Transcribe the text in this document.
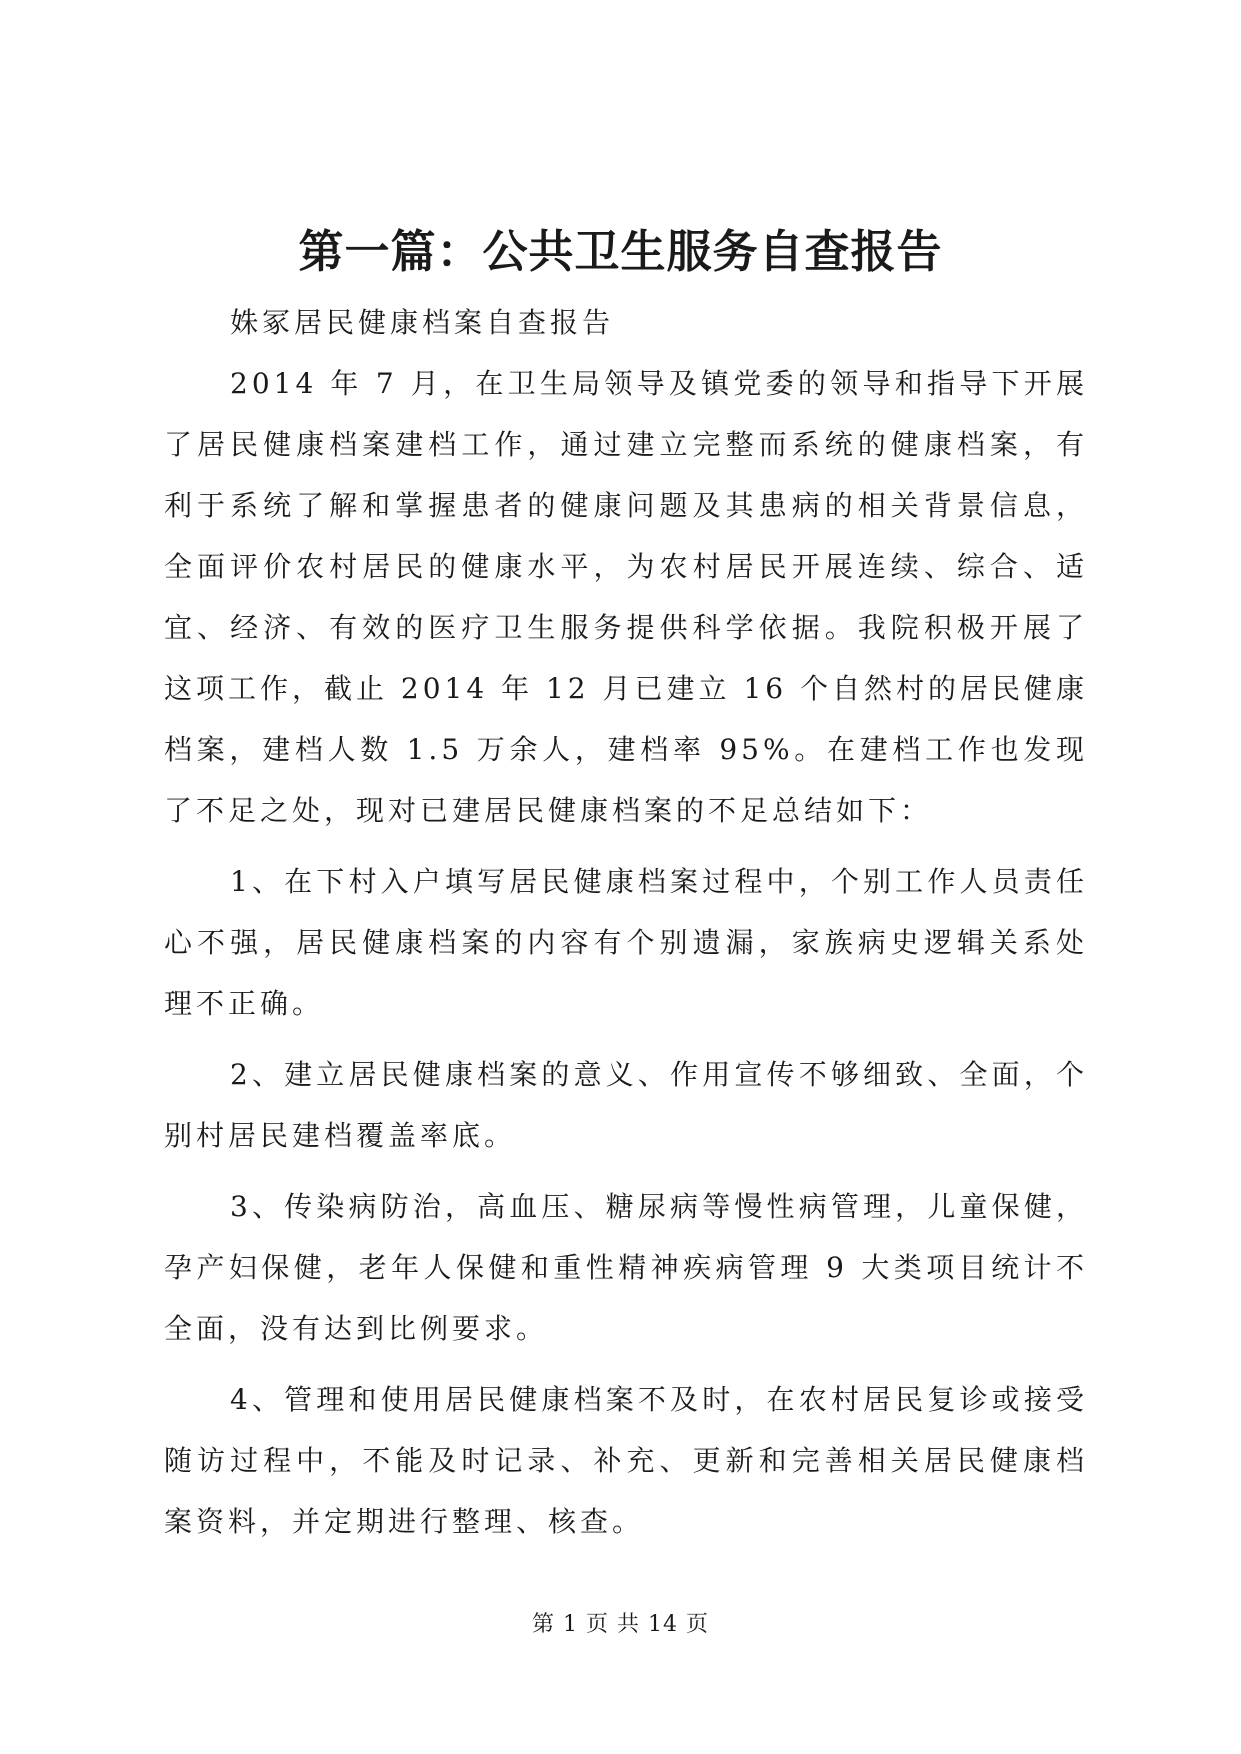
第一篇：公共卫生服务自查报告

姝冢居民健康档案自查报告

2014 年 7 月，在卫生局领导及镇党委的领导和指导下开展了居民健康档案建档工作，通过建立完整而系统的健康档案，有利于系统了解和掌握患者的健康问题及其患病的相关背景信息，全面评价农村居民的健康水平，为农村居民开展连续、综合、适宜、经济、有效的医疗卫生服务提供科学依据。我院积极开展了这项工作，截止 2014 年 12 月已建立 16 个自然村的居民健康档案，建档人数 1.5 万余人，建档率 95%。在建档工作也发现了不足之处，现对已建居民健康档案的不足总结如下：

1、在下村入户填写居民健康档案过程中，个别工作人员责任心不强，居民健康档案的内容有个别遗漏，家族病史逻辑关系处理不正确。

2、建立居民健康档案的意义、作用宣传不够细致、全面，个别村居民建档覆盖率底。

3、传染病防治，高血压、糖尿病等慢性病管理，儿童保健，孕产妇保健，老年人保健和重性精神疾病管理 9 大类项目统计不全面，没有达到比例要求。

4、管理和使用居民健康档案不及时，在农村居民复诊或接受随访过程中，不能及时记录、补充、更新和完善相关居民健康档案资料，并定期进行整理、核查。

第 1 页 共 14 页
